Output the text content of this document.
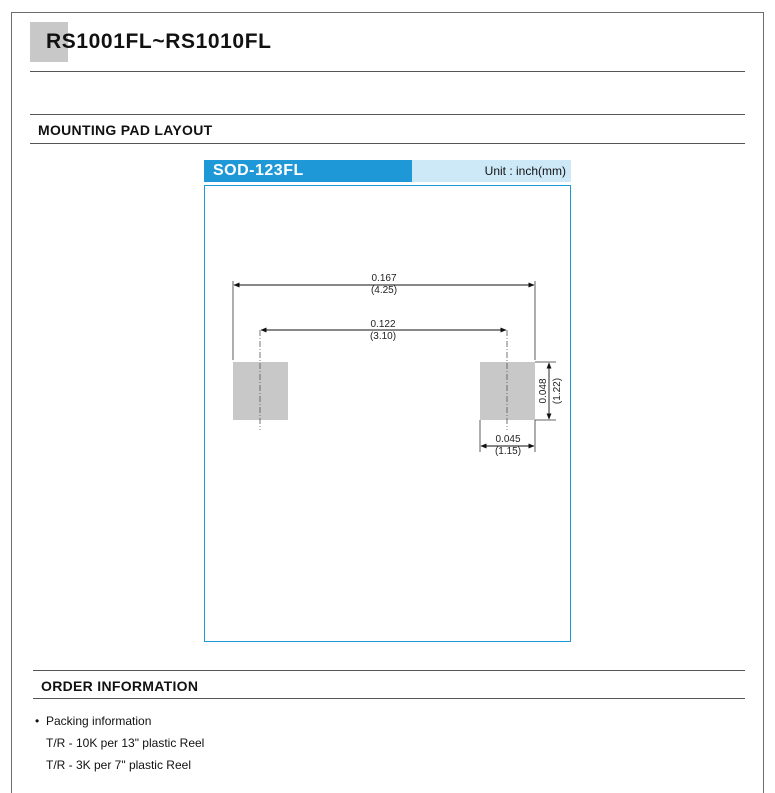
RS1001FL~RS1010FL
MOUNTING PAD LAYOUT
SOD-123FL	Unit : inch(mm)
0.167
(4.25)
0.122
(3.10)
0.048 (1.22)
0.045
(1.15)
ORDER INFORMATION
• Packing information
T/R - 10K per 13" plastic Reel
T/R - 3K per 7" plastic Reel
